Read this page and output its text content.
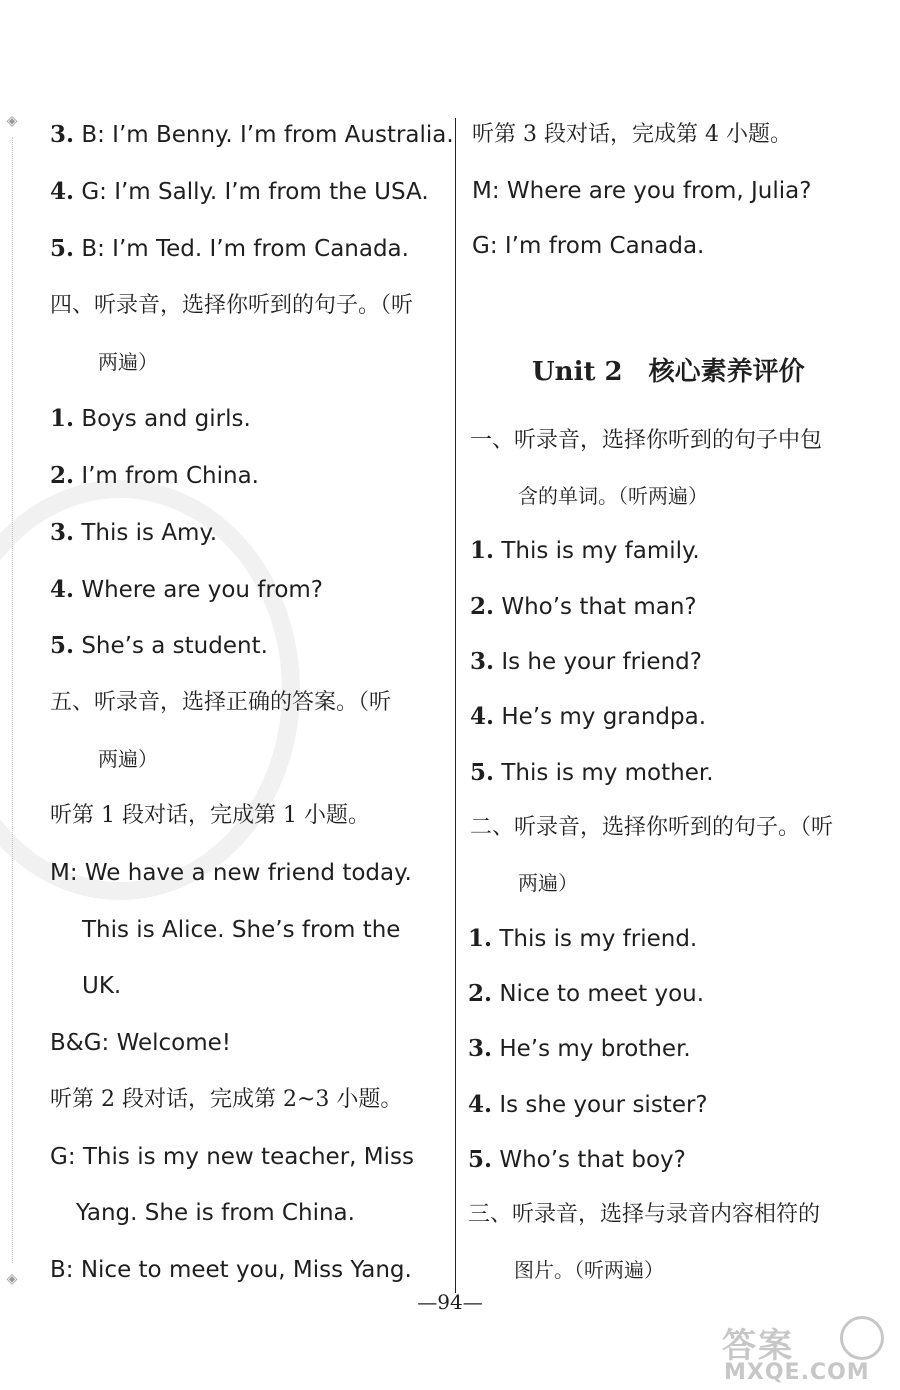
◈
◈
3. B: I’m Benny. I’m from Australia.
4. G: I’m Sally. I’m from the USA.
5. B: I’m Ted. I’m from Canada.
四、听录音，选择你听到的句子。（听
两遍）
1. Boys and girls.
2. I’m from China.
3. This is Amy.
4. Where are you from?
5. She’s a student.
五、听录音，选择正确的答案。（听
两遍）
听第 1 段对话，完成第 1 小题。
M: We have a new friend today.
This is Alice. She’s from the
UK.
B&G: Welcome!
听第 2 段对话，完成第 2~3 小题。
G: This is my new teacher, Miss
Yang. She is from China.
B: Nice to meet you, Miss Yang.
听第 3 段对话，完成第 4 小题。
M: Where are you from, Julia?
G: I’m from Canada.
Unit 2 核心素养评价
一、听录音，选择你听到的句子中包
含的单词。（听两遍）
1. This is my family.
2. Who’s that man?
3. Is he your friend?
4. He’s my grandpa.
5. This is my mother.
二、听录音，选择你听到的句子。（听
两遍）
1. This is my friend.
2. Nice to meet you.
3. He’s my brother.
4. Is she your sister?
5. Who’s that boy?
三、听录音，选择与录音内容相符的
图片。（听两遍）
—94—
答案
MXQE.COM
